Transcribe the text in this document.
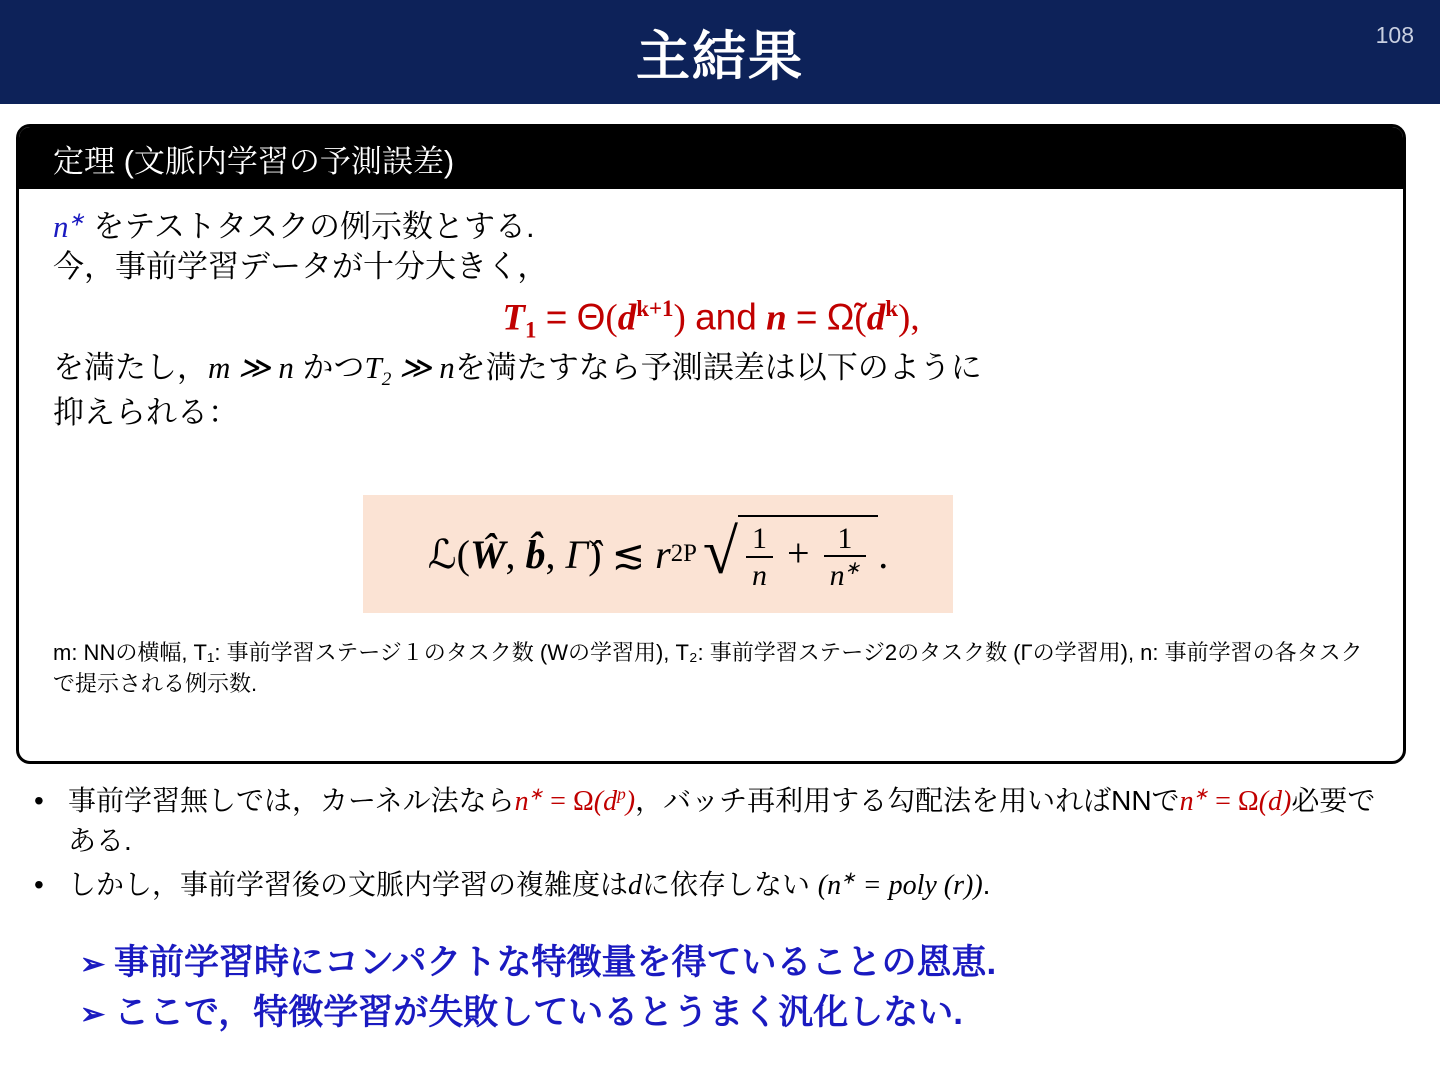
主結果	108
定理 (文脈内学習の予測誤差)
n∗ をテストタスクの例示数とする.
今，事前学習データが十分大きく，
$T_1 = \Theta(d^{k+1})$ and $n = \Omegã(d^k)$,
を満たし，m ≫ n かつ$T_2$ ≫ nを満たすなら予測誤差は以下のように
抑えられる：
ℒ( Ŵ , b̂ , Γ̂ ) ≲ r 2P √ $\frac{1}{n} + \frac{1}{n^∗}$ .
m: NNの横幅, T₁: 事前学習ステージ１のタスク数 (Wの学習用), T₂: 事前学習ステージ2のタスク数 (Γの学習用), n: 事前学習の各タスクで提示される例示数.
• 事前学習無しでは，カーネル法なら$n^∗ = \Omega(d^p)$，バッチ再利用する勾配法を用いればNNでn∗ = Ω(d)必要である.
• しかし，事前学習後の文脈内学習の複雑度はdに依存しない (n∗ = poly (r)).
➢ 事前学習時にコンパクトな特徴量を得ていることの恩恵.
➢ ここで，特徴学習が失敗しているとうまく汎化しない.
